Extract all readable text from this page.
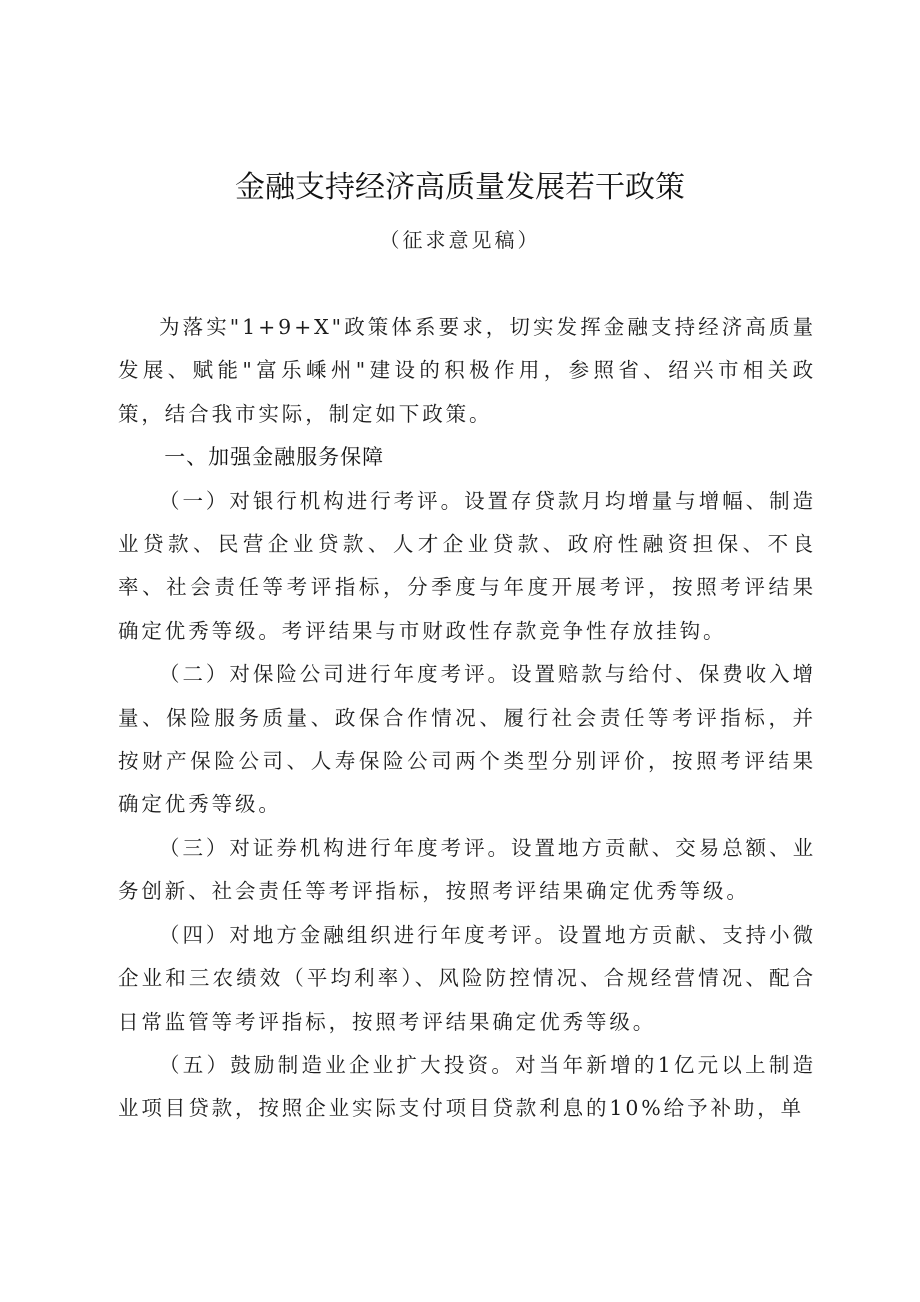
金融支持经济高质量发展若干政策
（征求意见稿）

为落实"1+9+X"政策体系要求，切实发挥金融支持经济高质量发展、赋能"富乐嵊州"建设的积极作用，参照省、绍兴市相关政策，结合我市实际，制定如下政策。

一、加强金融服务保障

（一）对银行机构进行考评。设置存贷款月均增量与增幅、制造业贷款、民营企业贷款、人才企业贷款、政府性融资担保、不良率、社会责任等考评指标，分季度与年度开展考评，按照考评结果确定优秀等级。考评结果与市财政性存款竞争性存放挂钩。

（二）对保险公司进行年度考评。设置赔款与给付、保费收入增量、保险服务质量、政保合作情况、履行社会责任等考评指标，并按财产保险公司、人寿保险公司两个类型分别评价，按照考评结果确定优秀等级。

（三）对证券机构进行年度考评。设置地方贡献、交易总额、业务创新、社会责任等考评指标，按照考评结果确定优秀等级。

（四）对地方金融组织进行年度考评。设置地方贡献、支持小微企业和三农绩效（平均利率）、风险防控情况、合规经营情况、配合日常监管等考评指标，按照考评结果确定优秀等级。

（五）鼓励制造业企业扩大投资。对当年新增的1亿元以上制造业项目贷款，按照企业实际支付项目贷款利息的10%给予补助，单
